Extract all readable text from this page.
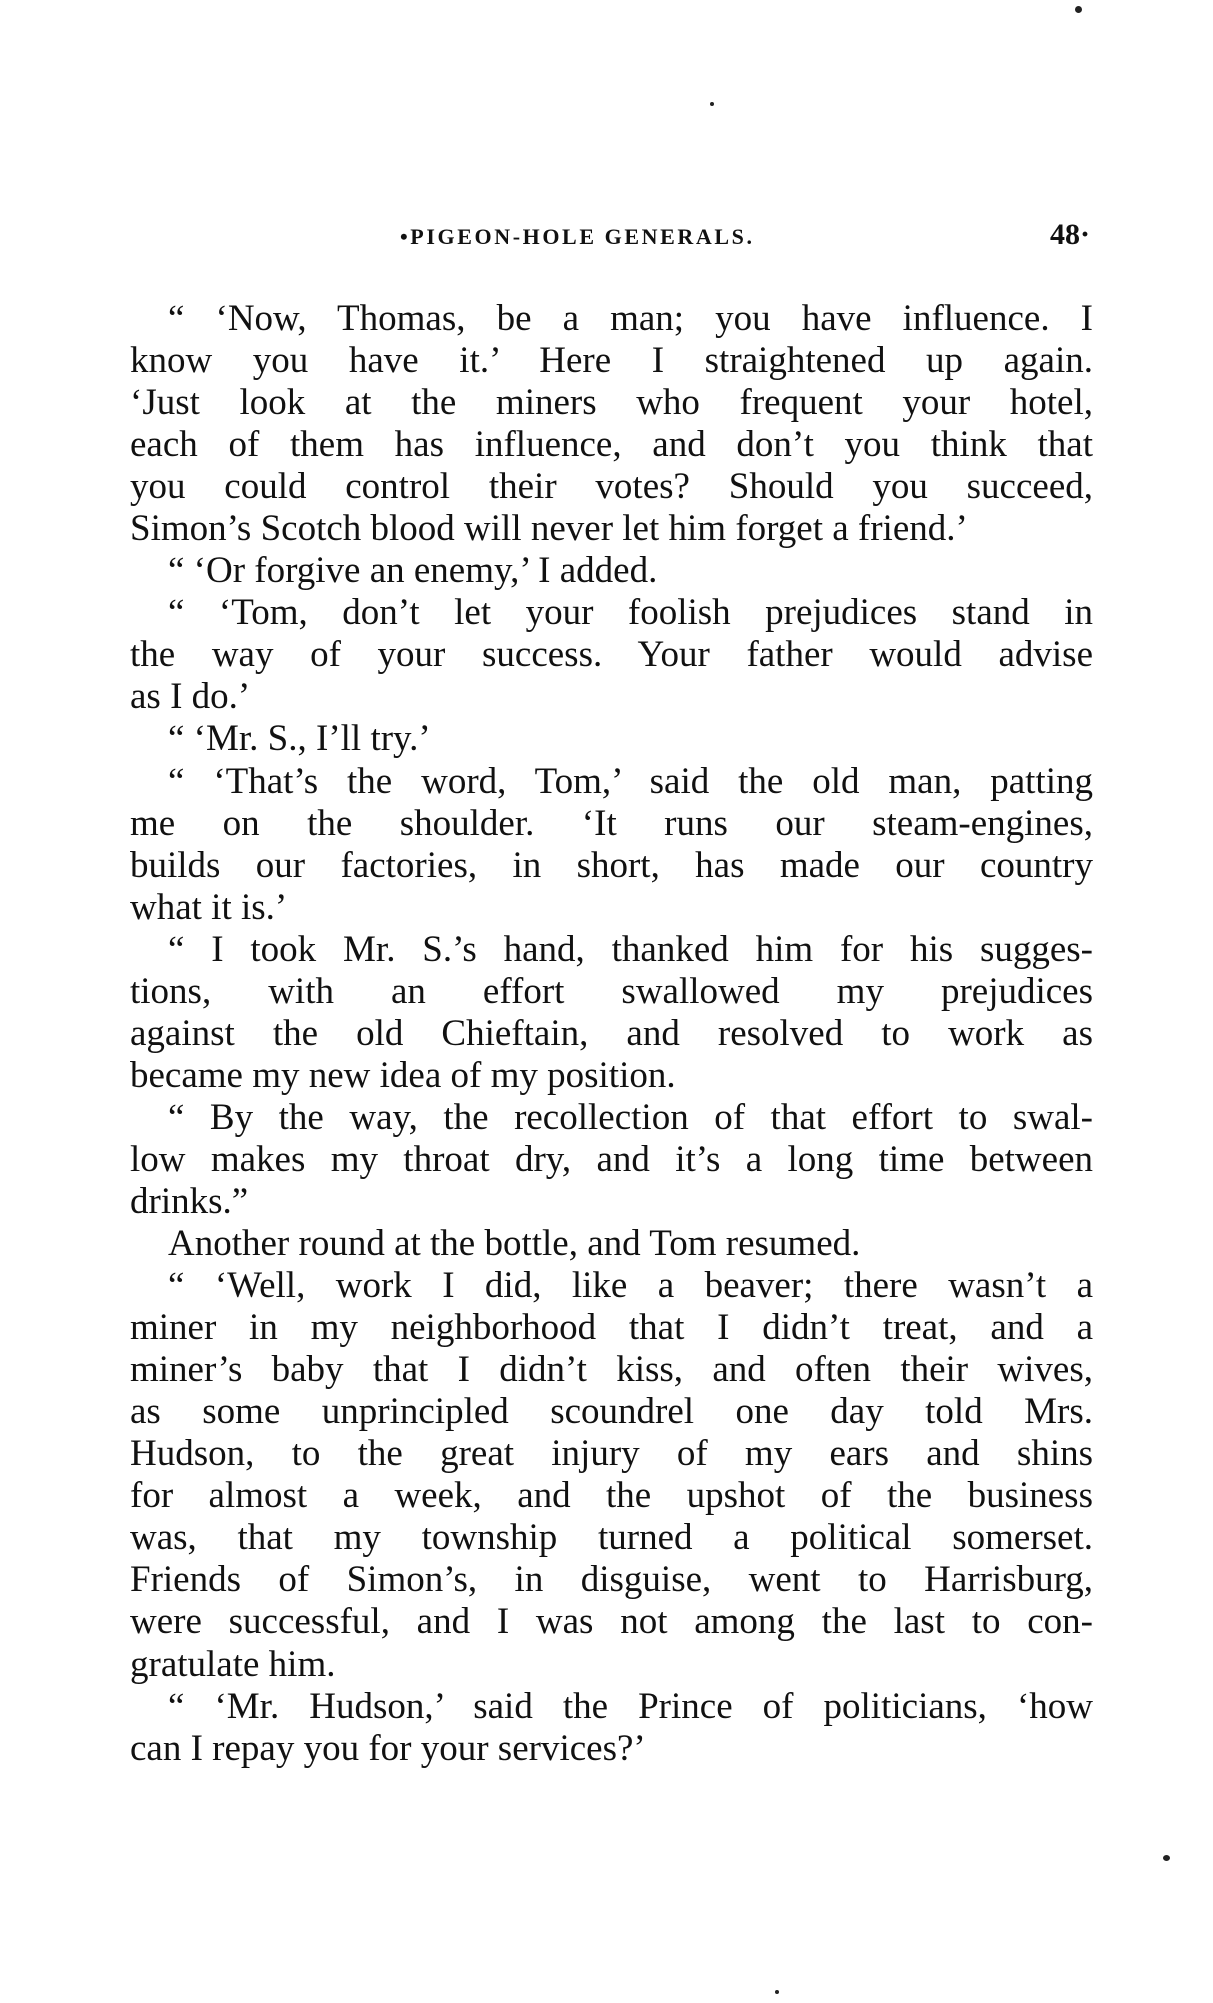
•PIGEON-HOLE GENERALS.	48·
“ ‘Now, Thomas, be a man; you have influence. I
know you have it.’ Here I straightened up again.
‘Just look at the miners who frequent your hotel,
each of them has influence, and don’t you think that
you could control their votes? Should you succeed,
Simon’s Scotch blood will never let him forget a friend.’
“ ‘Or forgive an enemy,’ I added.
“ ‘Tom, don’t let your foolish prejudices stand in
the way of your success. Your father would advise
as I do.’
“ ‘Mr. S., I’ll try.’
“ ‘That’s the word, Tom,’ said the old man, patting
me on the shoulder. ‘It runs our steam-engines,
builds our factories, in short, has made our country
what it is.’
“ I took Mr. S.’s hand, thanked him for his sugges-
tions, with an effort swallowed my prejudices
against the old Chieftain, and resolved to work as
became my new idea of my position.
“ By the way, the recollection of that effort to swal-
low makes my throat dry, and it’s a long time between
drinks.”
Another round at the bottle, and Tom resumed.
“ ‘Well, work I did, like a beaver; there wasn’t a
miner in my neighborhood that I didn’t treat, and a
miner’s baby that I didn’t kiss, and often their wives,
as some unprincipled scoundrel one day told Mrs.
Hudson, to the great injury of my ears and shins
for almost a week, and the upshot of the business
was, that my township turned a political somerset.
Friends of Simon’s, in disguise, went to Harrisburg,
were successful, and I was not among the last to con-
gratulate him.
“ ‘Mr. Hudson,’ said the Prince of politicians, ‘how
can I repay you for your services?’
